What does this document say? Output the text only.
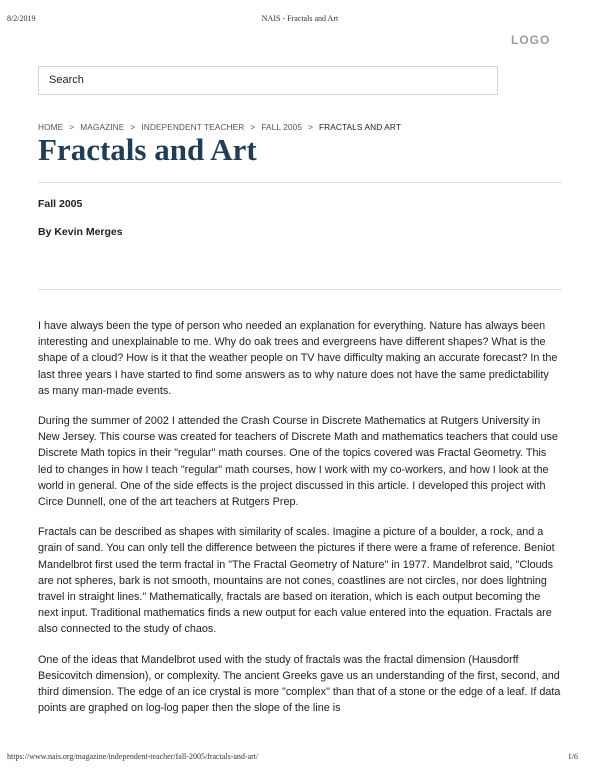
8/2/2019	NAIS - Fractals and Art
LOGO
Search
HOME > MAGAZINE > INDEPENDENT TEACHER > FALL 2005 > FRACTALS AND ART
Fractals and Art
Fall 2005
By Kevin Merges

I have always been the type of person who needed an explanation for everything. Nature has always been interesting and unexplainable to me. Why do oak trees and evergreens have different shapes? What is the shape of a cloud? How is it that the weather people on TV have difficulty making an accurate forecast? In the last three years I have started to find some answers as to why nature does not have the same predictability as many man-made events.

During the summer of 2002 I attended the Crash Course in Discrete Mathematics at Rutgers University in New Jersey. This course was created for teachers of Discrete Math and mathematics teachers that could use Discrete Math topics in their "regular" math courses. One of the topics covered was Fractal Geometry. This led to changes in how I teach "regular" math courses, how I work with my co-workers, and how I look at the world in general. One of the side effects is the project discussed in this article. I developed this project with Circe Dunnell, one of the art teachers at Rutgers Prep.

Fractals can be described as shapes with similarity of scales. Imagine a picture of a boulder, a rock, and a grain of sand. You can only tell the difference between the pictures if there were a frame of reference. Beniot Mandelbrot first used the term fractal in "The Fractal Geometry of Nature" in 1977. Mandelbrot said, "Clouds are not spheres, bark is not smooth, mountains are not cones, coastlines are not circles, nor does lightning travel in straight lines." Mathematically, fractals are based on iteration, which is each output becoming the next input. Traditional mathematics finds a new output for each value entered into the equation. Fractals are also connected to the study of chaos.

One of the ideas that Mandelbrot used with the study of fractals was the fractal dimension (Hausdorff Besicovitch dimension), or complexity. The ancient Greeks gave us an understanding of the first, second, and third dimension. The edge of an ice crystal is more "complex" than that of a stone or the edge of a leaf. If data points are graphed on log-log paper then the slope of the line is

https://www.nais.org/magazine/independent-teacher/fall-2005/fractals-and-art/	1/6
